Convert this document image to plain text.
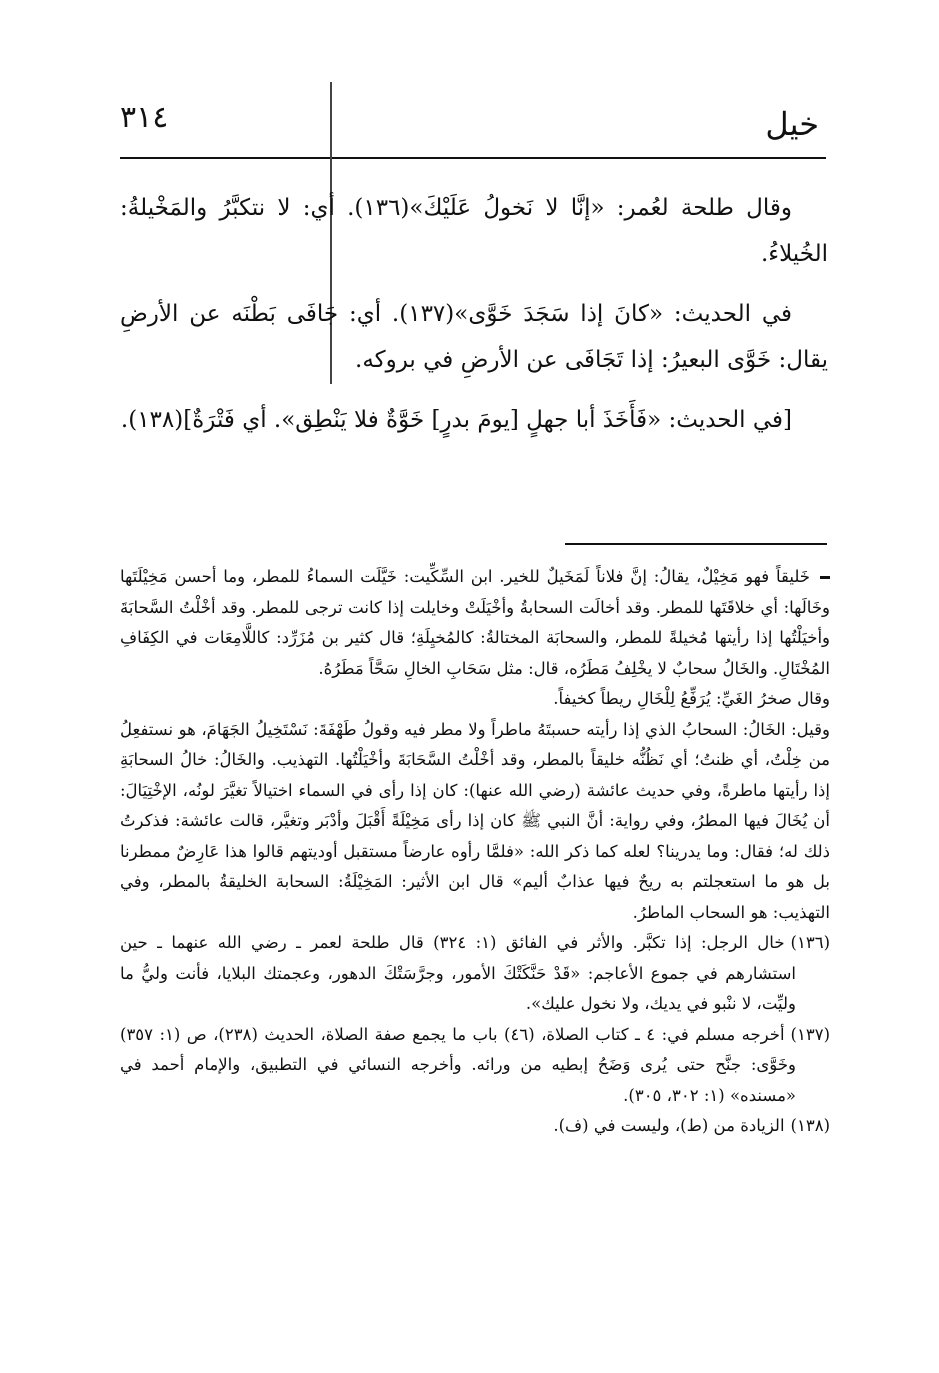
٣١٤	خيل

وقال طلحة لعُمر: «إنَّا لا نَخولُ عَلَيْكَ»(١٣٦). أي: لا نتكبَّرُ والمَخْيلةُ: الخُيلاءُ.

في الحديث: «كانَ إذا سَجَدَ خَوَّى»(١٣٧). أي: جَافَى بَطْنَه عن الأرضِ يقال: خَوَّى البعيرُ: إذا تَجَافَى عن الأرضِ في بروكه.

[في الحديث: «فَأَخَذَ أبا جهلٍ [يومَ بدرٍ] خَوَّةٌ فلا يَنْطِق». أي فَتْرَةٌ](١٣٨).

خَليقاً فهو مَخِيْلٌ، يقالُ: إنَّ فلاناً لَمَخَيلٌ للخير. ابن السِّكِّيت: خَيَّلَت السماءُ للمطر، وما أحسن مَخِيْلَتَها وخَالَها: أي خلاقَتَها للمطر. وقد أخالَت السحابةُ وأخْيَلَتْ وخايلت إذا كانت ترجى للمطر. وقد أخْلْتُ السَّحابَةَ وأخيَلْتُها إذا رأيتها مُخيلةً للمطر، والسحابَة المختالةُ: كالمُخيِلَةِ؛ قال كثير بن مُزَرِّد: كاللَّامِعَات في الكِفَافِ المُخْتَالِ. والخَالُ سحابٌ لا يخْلِفُ مَطَرُه، قال: مثل سَحَابِ الخالِ سَحَّاً مَطَرُهُ.

وقال صخرُ الغَيِّ: يُرَفِّعُ لِلْخَالِ ريطاً كخيفاً.

وقيل: الخَالُ: السحابُ الذي إذا رأيته حسبتَهُ ماطراً ولا مطر فيه وقولُ طَهْفَةَ: نَسْتَخِيلُ الجَهَامَ، هو نستفعِلُ من خِلْتُ، أي ظنتُ؛ أي نَظُنُّه خليقاً بالمطر، وقد أخْلْتُ السَّحَابَةَ وأخْيَلْتُها. التهذيب. والخَالُ: خالُ السحابَةِ إذا رأيتها ماطرةً، وفي حديث عائشة (رضي الله عنها): كان إذا رأى في السماء اختيالاً تغيَّرَ لونُه، الإخْتِيَالَ: أن يُخَالَ فيها المطرُ، وفي رواية: أنَّ النبي ﷺ كان إذا رأى مَخِيْلَةً أَقْبَلَ وأدْبَر وتغيَّر، قالت عائشة: فذكرتُ ذلك له؛ فقال: وما يدرينا؟ لعله كما ذكر الله: «فلمَّا رأوه عارضاً مستقبل أوديتهم قالوا هذا عَارِضٌ ممطرنا بل هو ما استعجلتم به ريحٌ فيها عذابٌ أليم» قال ابن الأثير: المَخِيْلَةُ: السحابة الخليقةُ بالمطر، وفي التهذيب: هو السحاب الماطرُ.

(١٣٦)خال الرجل: إذا تكبَّر. والأثر في الفائق (١: ٣٢٤) قال طلحة لعمر ـ رضي الله عنهما ـ حين استشارهم في جموع الأعاجم: «قَدْ حَنَّكَتْكَ الأمور، وجرَّسَتْكَ الدهور، وعجمتك البلايا، فأنت وليُّ ما وليِّت، لا ننْبو في يديك، ولا نخول عليك».

(١٣٧)أخرجه مسلم في: ٤ ـ كتاب الصلاة، (٤٦) باب ما يجمع صفة الصلاة، الحديث (٢٣٨)، ص (١: ٣٥٧) وخَوَّى: جنَّح حتى يُرى وَضَحُ إبطيه من ورائه. وأخرجه النسائي في التطبيق، والإمام أحمد في «مسنده» (١: ٣٠٢، ٣٠٥).

(١٣٨)الزيادة من (ط)، وليست في (ف).
